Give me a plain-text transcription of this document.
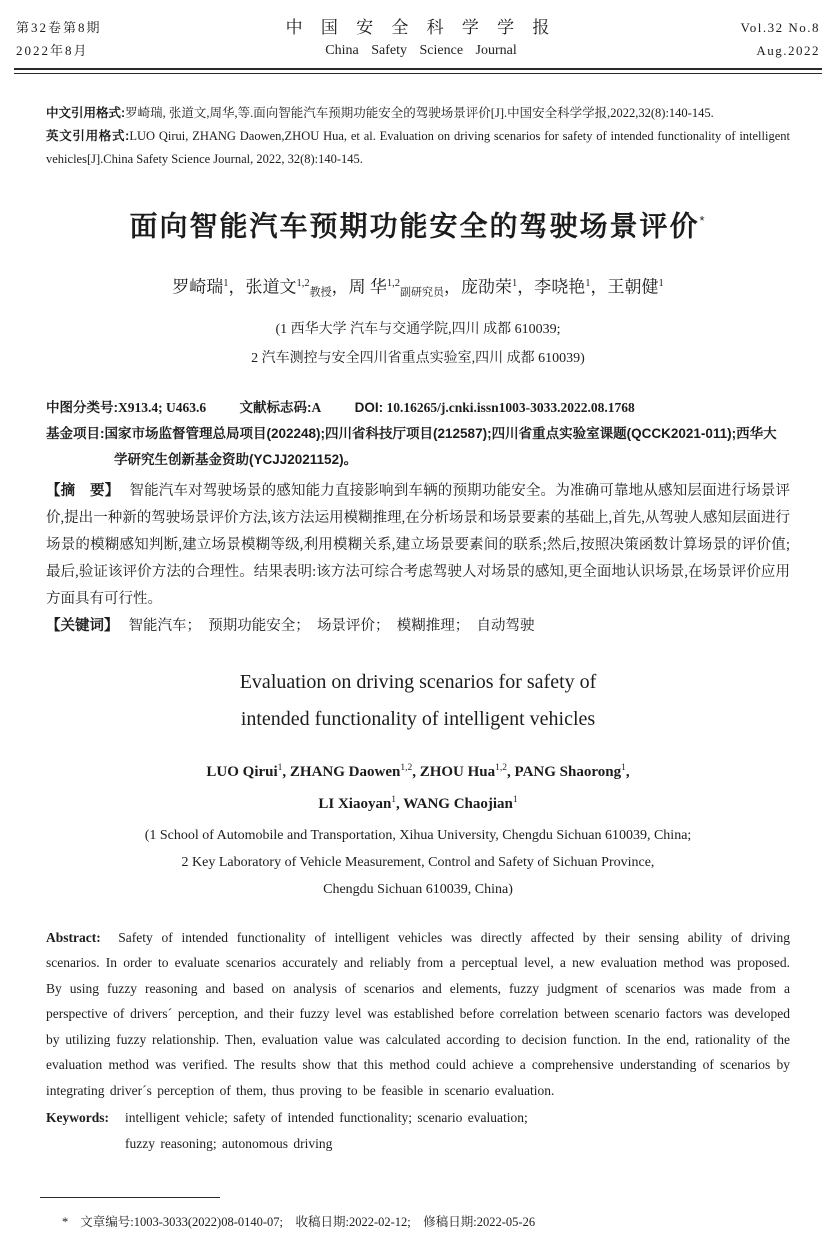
第32卷第8期
2022年8月
中 国 安 全 科 学 学 报
China Safety Science Journal
Vol.32 No.8
Aug.2022
中文引用格式:罗崎瑞, 张道文,周华,等.面向智能汽车预期功能安全的驾驶场景评价[J].中国安全科学学报,2022,32(8):140-145.
英文引用格式:LUO Qirui, ZHANG Daowen,ZHOU Hua, et al. Evaluation on driving scenarios for safety of intended functionality of intelligent vehicles[J].China Safety Science Journal, 2022, 32(8):140-145.
面向智能汽车预期功能安全的驾驶场景评价*
罗崎瑞$^1$，张道文$^{1,2}$教授，周 华$^{1,2}$副研究员，庞劭荣$^1$，李哓艳$^1$，王朝健$^1$
(1 西华大学 汽车与交通学院,四川 成都 610039;
2 汽车测控与安全四川省重点实验室,四川 成都 610039)
中图分类号:X913.4; U463.6 文献标志码:A DOI: 10.16265/j.cnki.issn1003-3033.2022.08.1768
基金项目:国家市场监督管理总局项目(202248);四川省科技厅项目(212587);四川省重点实验室课题(QCCK2021-011);西华大学研究生创新基金资助(YCJJ2021152)。
【摘　要】 智能汽车对驾驶场景的感知能力直接影响到车辆的预期功能安全。为准确可靠地从感知层面进行场景评价,提出一种新的驾驶场景评价方法,该方法运用模糊推理,在分析场景和场景要素的基础上,首先,从驾驶人感知层面进行场景的模糊感知判断,建立场景模糊等级,利用模糊关系,建立场景要素间的联系;然后,按照决策函数计算场景的评价值;最后,验证该评价方法的合理性。结果表明:该方法可综合考虑驾驶人对场景的感知,更全面地认识场景,在场景评价应用方面具有可行性。
【关键词】 智能汽车；　预期功能安全；　场景评价；　模糊推理；　自动驾驶
Evaluation on driving scenarios for safety of
intended functionality of intelligent vehicles
LUO Qirui$^1$, ZHANG Daowen$^{1,2}$, ZHOU Hua$^{1,2}$, PANG Shaorong$^1$,
LI Xiaoyan$^1$, WANG Chaojian$^1$
(1 School of Automobile and Transportation, Xihua University, Chengdu Sichuan 610039, China;
2 Key Laboratory of Vehicle Measurement, Control and Safety of Sichuan Province,
Chengdu Sichuan 610039, China)
Abstract: Safety of intended functionality of intelligent vehicles was directly affected by their sensing ability of driving scenarios. In order to evaluate scenarios accurately and reliably from a perceptual level, a new evaluation method was proposed. By using fuzzy reasoning and based on analysis of scenarios and elements, fuzzy judgment of scenarios was made from a perspective of drivers´ perception, and their fuzzy level was established before correlation between scenario factors was developed by utilizing fuzzy relationship. Then, evaluation value was calculated according to decision function. In the end, rationality of the evaluation method was verified. The results show that this method could achieve a comprehensive understanding of scenarios by integrating driver´s perception of them, thus proving to be feasible in scenario evaluation.
Keywords: intelligent vehicle; safety of intended functionality; scenario evaluation;
fuzzy reasoning; autonomous driving
* 文章编号:1003-3033(2022)08-0140-07;　收稿日期:2022-02-12;　修稿日期:2022-05-26
